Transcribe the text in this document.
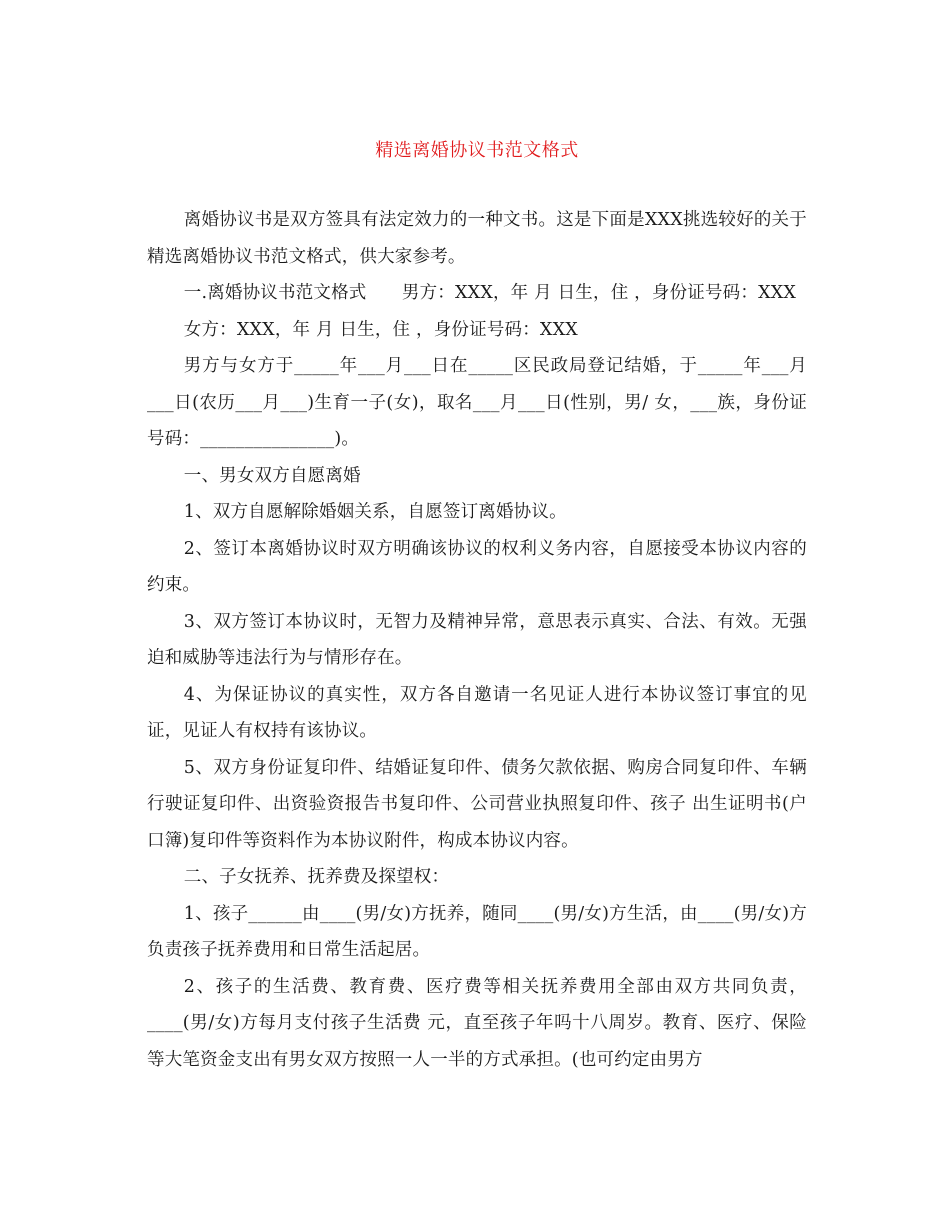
精选离婚协议书范文格式

离婚协议书是双方签具有法定效力的一种文书。这是下面是XXX挑选较好的关于精选离婚协议书范文格式，供大家参考。

一.离婚协议书范文格式　　男方：XXX，年 月 日生，住 ，身份证号码：XXX

女方：XXX，年 月 日生，住 ，身份证号码：XXX

男方与女方于_____年___月___日在_____区民政局登记结婚，于_____年___月___日(农历___月___)生育一子(女)，取名___月___日(性别，男/ 女，___族，身份证号码：_______________)。

一、男女双方自愿离婚

1、双方自愿解除婚姻关系，自愿签订离婚协议。

2、签订本离婚协议时双方明确该协议的权利义务内容，自愿接受本协议内容的约束。

3、双方签订本协议时，无智力及精神异常，意思表示真实、合法、有效。无强迫和威胁等违法行为与情形存在。

4、为保证协议的真实性，双方各自邀请一名见证人进行本协议签订事宜的见证，见证人有权持有该协议。

5、双方身份证复印件、结婚证复印件、债务欠款依据、购房合同复印件、车辆行驶证复印件、出资验资报告书复印件、公司营业执照复印件、孩子 出生证明书(户口簿)复印件等资料作为本协议附件，构成本协议内容。

二、子女抚养、抚养费及探望权：

1、孩子______由____(男/女)方抚养，随同____(男/女)方生活，由____(男/女)方负责孩子抚养费用和日常生活起居。

2、孩子的生活费、教育费、医疗费等相关抚养费用全部由双方共同负责，____(男/女)方每月支付孩子生活费 元，直至孩子年吗十八周岁。教育、医疗、保险等大笔资金支出有男女双方按照一人一半的方式承担。(也可约定由男方
